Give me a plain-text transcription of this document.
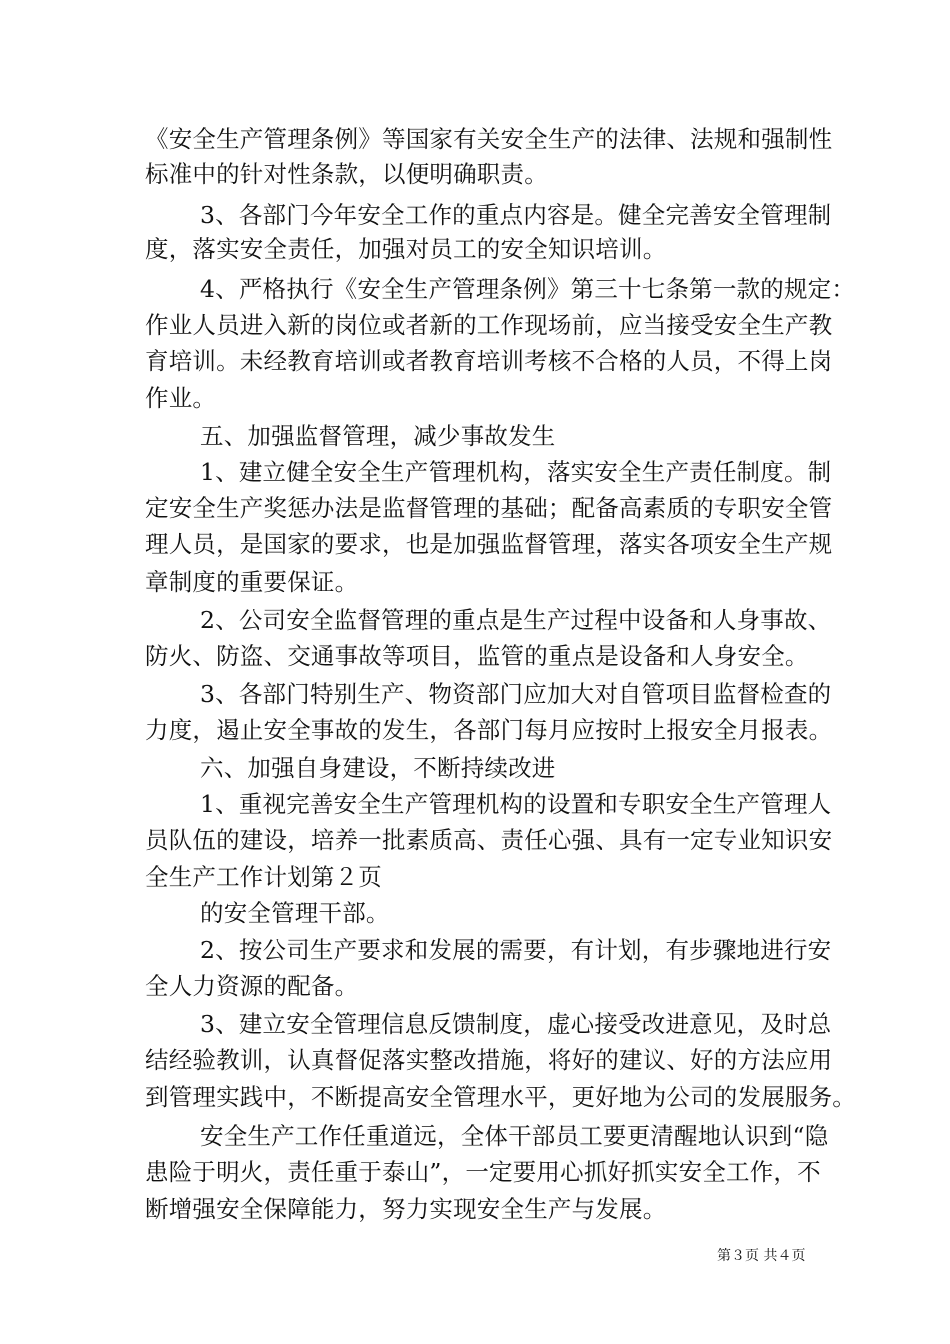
《安全生产管理条例》等国家有关安全生产的法律、法规和强制性
标准中的针对性条款，以便明确职责。
3、各部门今年安全工作的重点内容是。健全完善安全管理制
度，落实安全责任，加强对员工的安全知识培训。
4、严格执行《安全生产管理条例》第三十七条第一款的规定：
作业人员进入新的岗位或者新的工作现场前，应当接受安全生产教
育培训。未经教育培训或者教育培训考核不合格的人员，不得上岗
作业。
五、加强监督管理，减少事故发生
1、建立健全安全生产管理机构，落实安全生产责任制度。制
定安全生产奖惩办法是监督管理的基础；配备高素质的专职安全管
理人员，是国家的要求，也是加强监督管理，落实各项安全生产规
章制度的重要保证。
2、公司安全监督管理的重点是生产过程中设备和人身事故、
防火、防盗、交通事故等项目，监管的重点是设备和人身安全。
3、各部门特别生产、物资部门应加大对自管项目监督检查的
力度，遏止安全事故的发生，各部门每月应按时上报安全月报表。
六、加强自身建设，不断持续改进
1、重视完善安全生产管理机构的设置和专职安全生产管理人
员队伍的建设，培养一批素质高、责任心强、具有一定专业知识安
全生产工作计划第２页
的安全管理干部。
2、按公司生产要求和发展的需要，有计划，有步骤地进行安
全人力资源的配备。
3、建立安全管理信息反馈制度，虚心接受改进意见，及时总
结经验教训，认真督促落实整改措施，将好的建议、好的方法应用
到管理实践中，不断提高安全管理水平，更好地为公司的发展服务。
安全生产工作任重道远，全体干部员工要更清醒地认识到“隐
患险于明火，责任重于泰山”，一定要用心抓好抓实安全工作，不
断增强安全保障能力，努力实现安全生产与发展。
第３页 共４页
